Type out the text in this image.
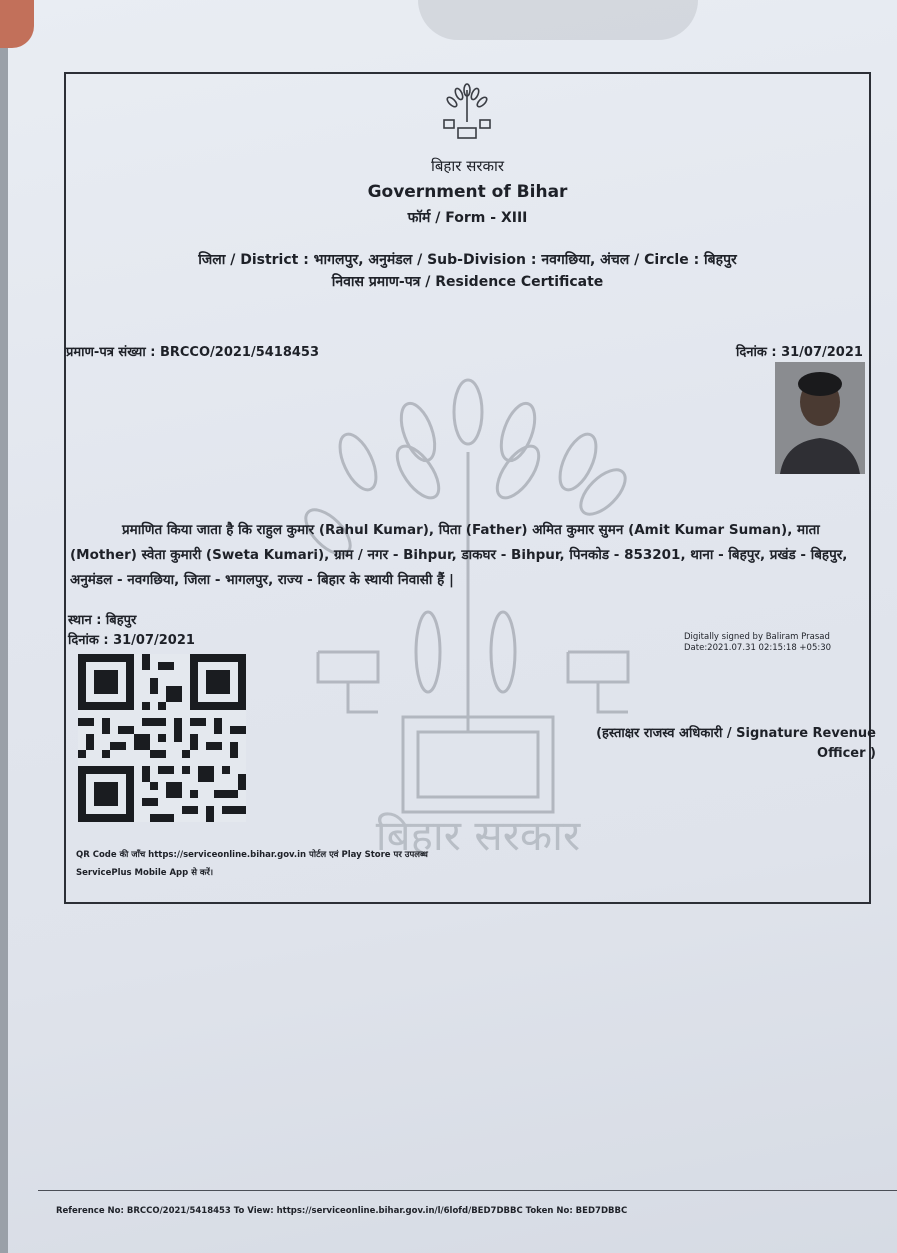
बिहार सरकार
बिहार सरकार
Government of Bihar
फॉर्म / Form - XIII
जिला / District : भागलपुर, अनुमंडल / Sub-Division : नवगछिया, अंचल / Circle : बिहपुर
निवास प्रमाण-पत्र / Residence Certificate
प्रमाण-पत्र संख्या : BRCCO/2021/5418453	दिनांक : 31/07/2021
प्रमाणित किया जाता है कि राहुल कुमार (Rahul Kumar), पिता (Father) अमित कुमार सुमन (Amit Kumar Suman), माता (Mother) स्वेता कुमारी (Sweta Kumari), ग्राम / नगर - Bihpur, डाकघर - Bihpur, पिनकोड - 853201, थाना - बिहपुर, प्रखंड - बिहपुर, अनुमंडल - नवगछिया, जिला - भागलपुर, राज्य - बिहार के स्थायी निवासी हैं |
स्थान : बिहपुर
दिनांक : 31/07/2021	Digitally signed by Baliram Prasad
Date:2021.07.31 02:15:18 +05:30
(हस्ताक्षर राजस्व अधिकारी / Signature Revenue
Officer )
QR Code की जाँच https://serviceonline.bihar.gov.in पोर्टल एवं Play Store पर उपलब्ध
ServicePlus Mobile App से करें।
Reference No: BRCCO/2021/5418453 To View: https://serviceonline.bihar.gov.in/l/6lofd/BED7DBBC Token No: BED7DBBC
